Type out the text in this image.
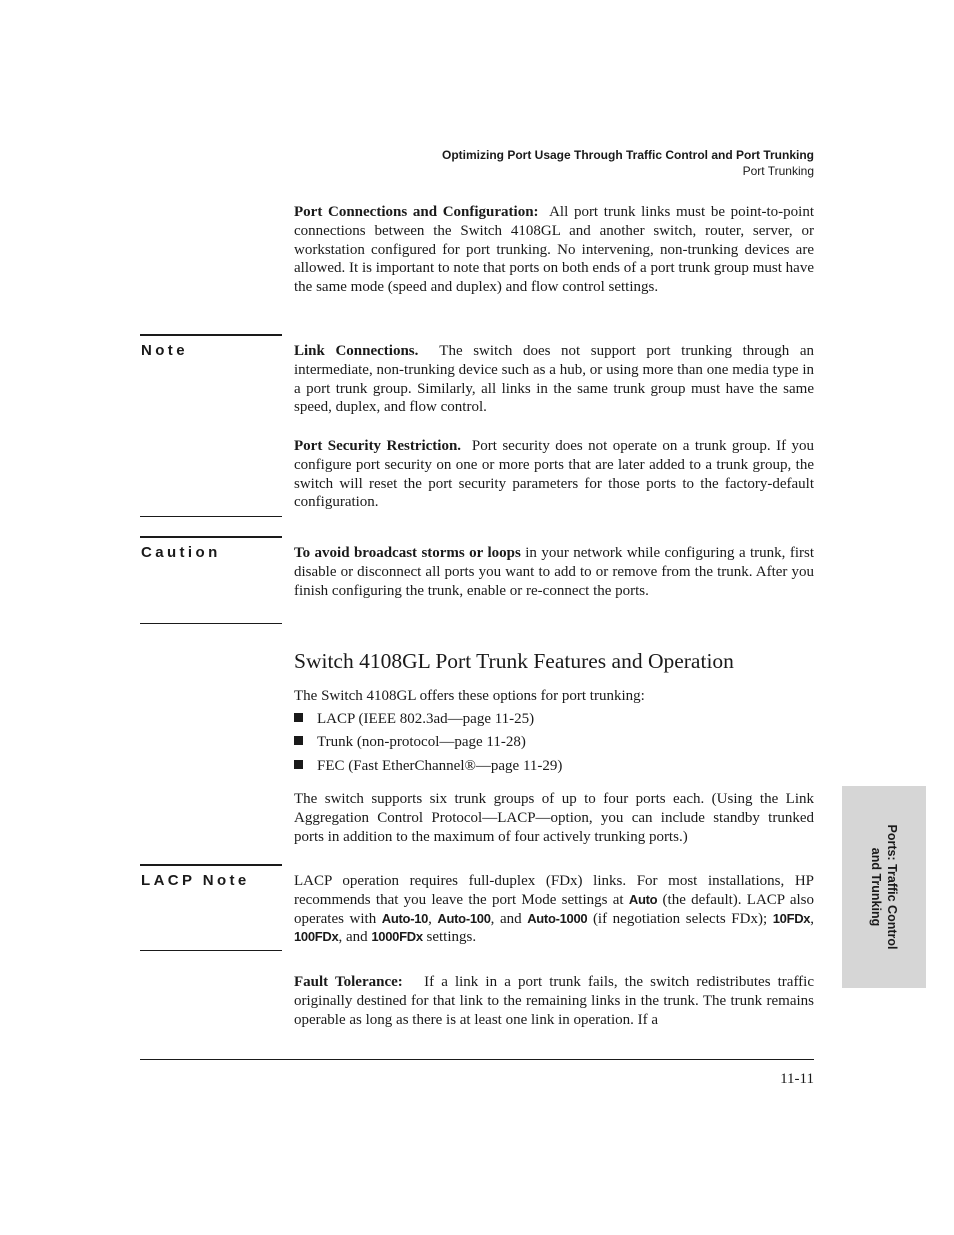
Optimizing Port Usage Through Traffic Control and Port Trunking
Port Trunking
Port Connections and Configuration: All port trunk links must be point-to-point connections between the Switch 4108GL and another switch, router, server, or workstation configured for port trunking. No intervening, non-trunking devices are allowed. It is important to note that ports on both ends of a port trunk group must have the same mode (speed and duplex) and flow control settings.
Note	Link Connections. The switch does not support port trunking through an intermediate, non-trunking device such as a hub, or using more than one media type in a port trunk group. Similarly, all links in the same trunk group must have the same speed, duplex, and flow control.
Port Security Restriction. Port security does not operate on a trunk group. If you configure port security on one or more ports that are later added to a trunk group, the switch will reset the port security parameters for those ports to the factory-default configuration.
Caution	To avoid broadcast storms or loops in your network while configuring a trunk, first disable or disconnect all ports you want to add to or remove from the trunk. After you finish configuring the trunk, enable or re-connect the ports.
Switch 4108GL Port Trunk Features and Operation
The Switch 4108GL offers these options for port trunking:
LACP (IEEE 802.3ad—page 11-25)
Trunk (non-protocol—page 11-28)
FEC (Fast EtherChannel®—page 11-29)
The switch supports six trunk groups of up to four ports each. (Using the Link Aggregation Control Protocol—LACP—option, you can include standby trunked ports in addition to the maximum of four actively trunking ports.)
LACP Note	LACP operation requires full-duplex (FDx) links. For most installations, HP recommends that you leave the port Mode settings at Auto (the default). LACP also operates with Auto-10, Auto-100, and Auto-1000 (if negotiation selects FDx); 10FDx, 100FDx, and 1000FDx settings.
Fault Tolerance: If a link in a port trunk fails, the switch redistributes traffic originally destined for that link to the remaining links in the trunk. The trunk remains operable as long as there is at least one link in operation. If a
11-11
Ports: Traffic Control
and Trunking
